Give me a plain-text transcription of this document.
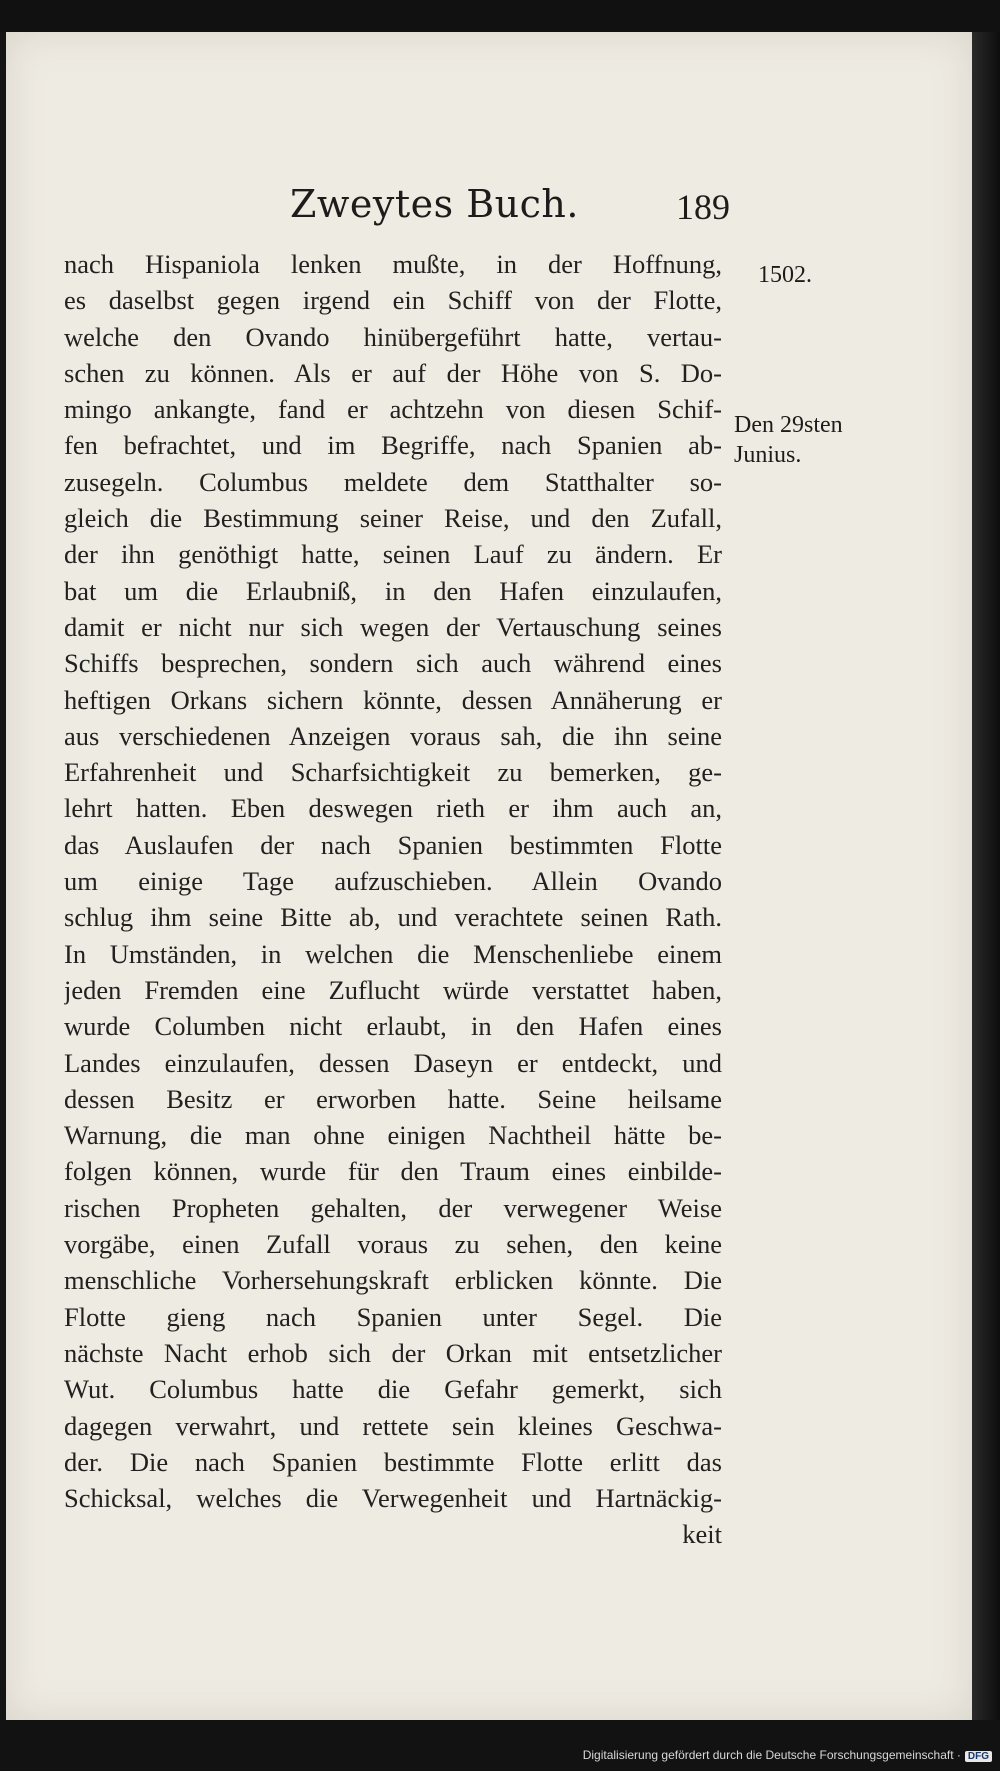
Zweytes Buch.	189
1502.
Den 29sten
Junius.
nach Hispaniola lenken mußte, in der Hoffnung,
es daselbst gegen irgend ein Schiff von der Flotte,
welche den Ovando hinübergeführt hatte, vertau-
schen zu können. Als er auf der Höhe von S. Do-
mingo ankangte, fand er achtzehn von diesen Schif-
fen befrachtet, und im Begriffe, nach Spanien ab-
zusegeln. Columbus meldete dem Statthalter so-
gleich die Bestimmung seiner Reise, und den Zufall,
der ihn genöthigt hatte, seinen Lauf zu ändern. Er
bat um die Erlaubniß, in den Hafen einzulaufen,
damit er nicht nur sich wegen der Vertauschung seines
Schiffs besprechen, sondern sich auch während eines
heftigen Orkans sichern könnte, dessen Annäherung er
aus verschiedenen Anzeigen voraus sah, die ihn seine
Erfahrenheit und Scharfsichtigkeit zu bemerken, ge-
lehrt hatten. Eben deswegen rieth er ihm auch an,
das Auslaufen der nach Spanien bestimmten Flotte
um einige Tage aufzuschieben. Allein Ovando
schlug ihm seine Bitte ab, und verachtete seinen Rath.
In Umständen, in welchen die Menschenliebe einem
jeden Fremden eine Zuflucht würde verstattet haben,
wurde Columben nicht erlaubt, in den Hafen eines
Landes einzulaufen, dessen Daseyn er entdeckt, und
dessen Besitz er erworben hatte. Seine heilsame
Warnung, die man ohne einigen Nachtheil hätte be-
folgen können, wurde für den Traum eines einbilde-
rischen Propheten gehalten, der verwegener Weise
vorgäbe, einen Zufall voraus zu sehen, den keine
menschliche Vorhersehungskraft erblicken könnte. Die
Flotte gieng nach Spanien unter Segel. Die
nächste Nacht erhob sich der Orkan mit entsetzlicher
Wut. Columbus hatte die Gefahr gemerkt, sich
dagegen verwahrt, und rettete sein kleines Geschwa-
der. Die nach Spanien bestimmte Flotte erlitt das
Schicksal, welches die Verwegenheit und Hartnäckig-
keit
Digitalisierung gefördert durch die Deutsche Forschungsgemeinschaft · DFG
